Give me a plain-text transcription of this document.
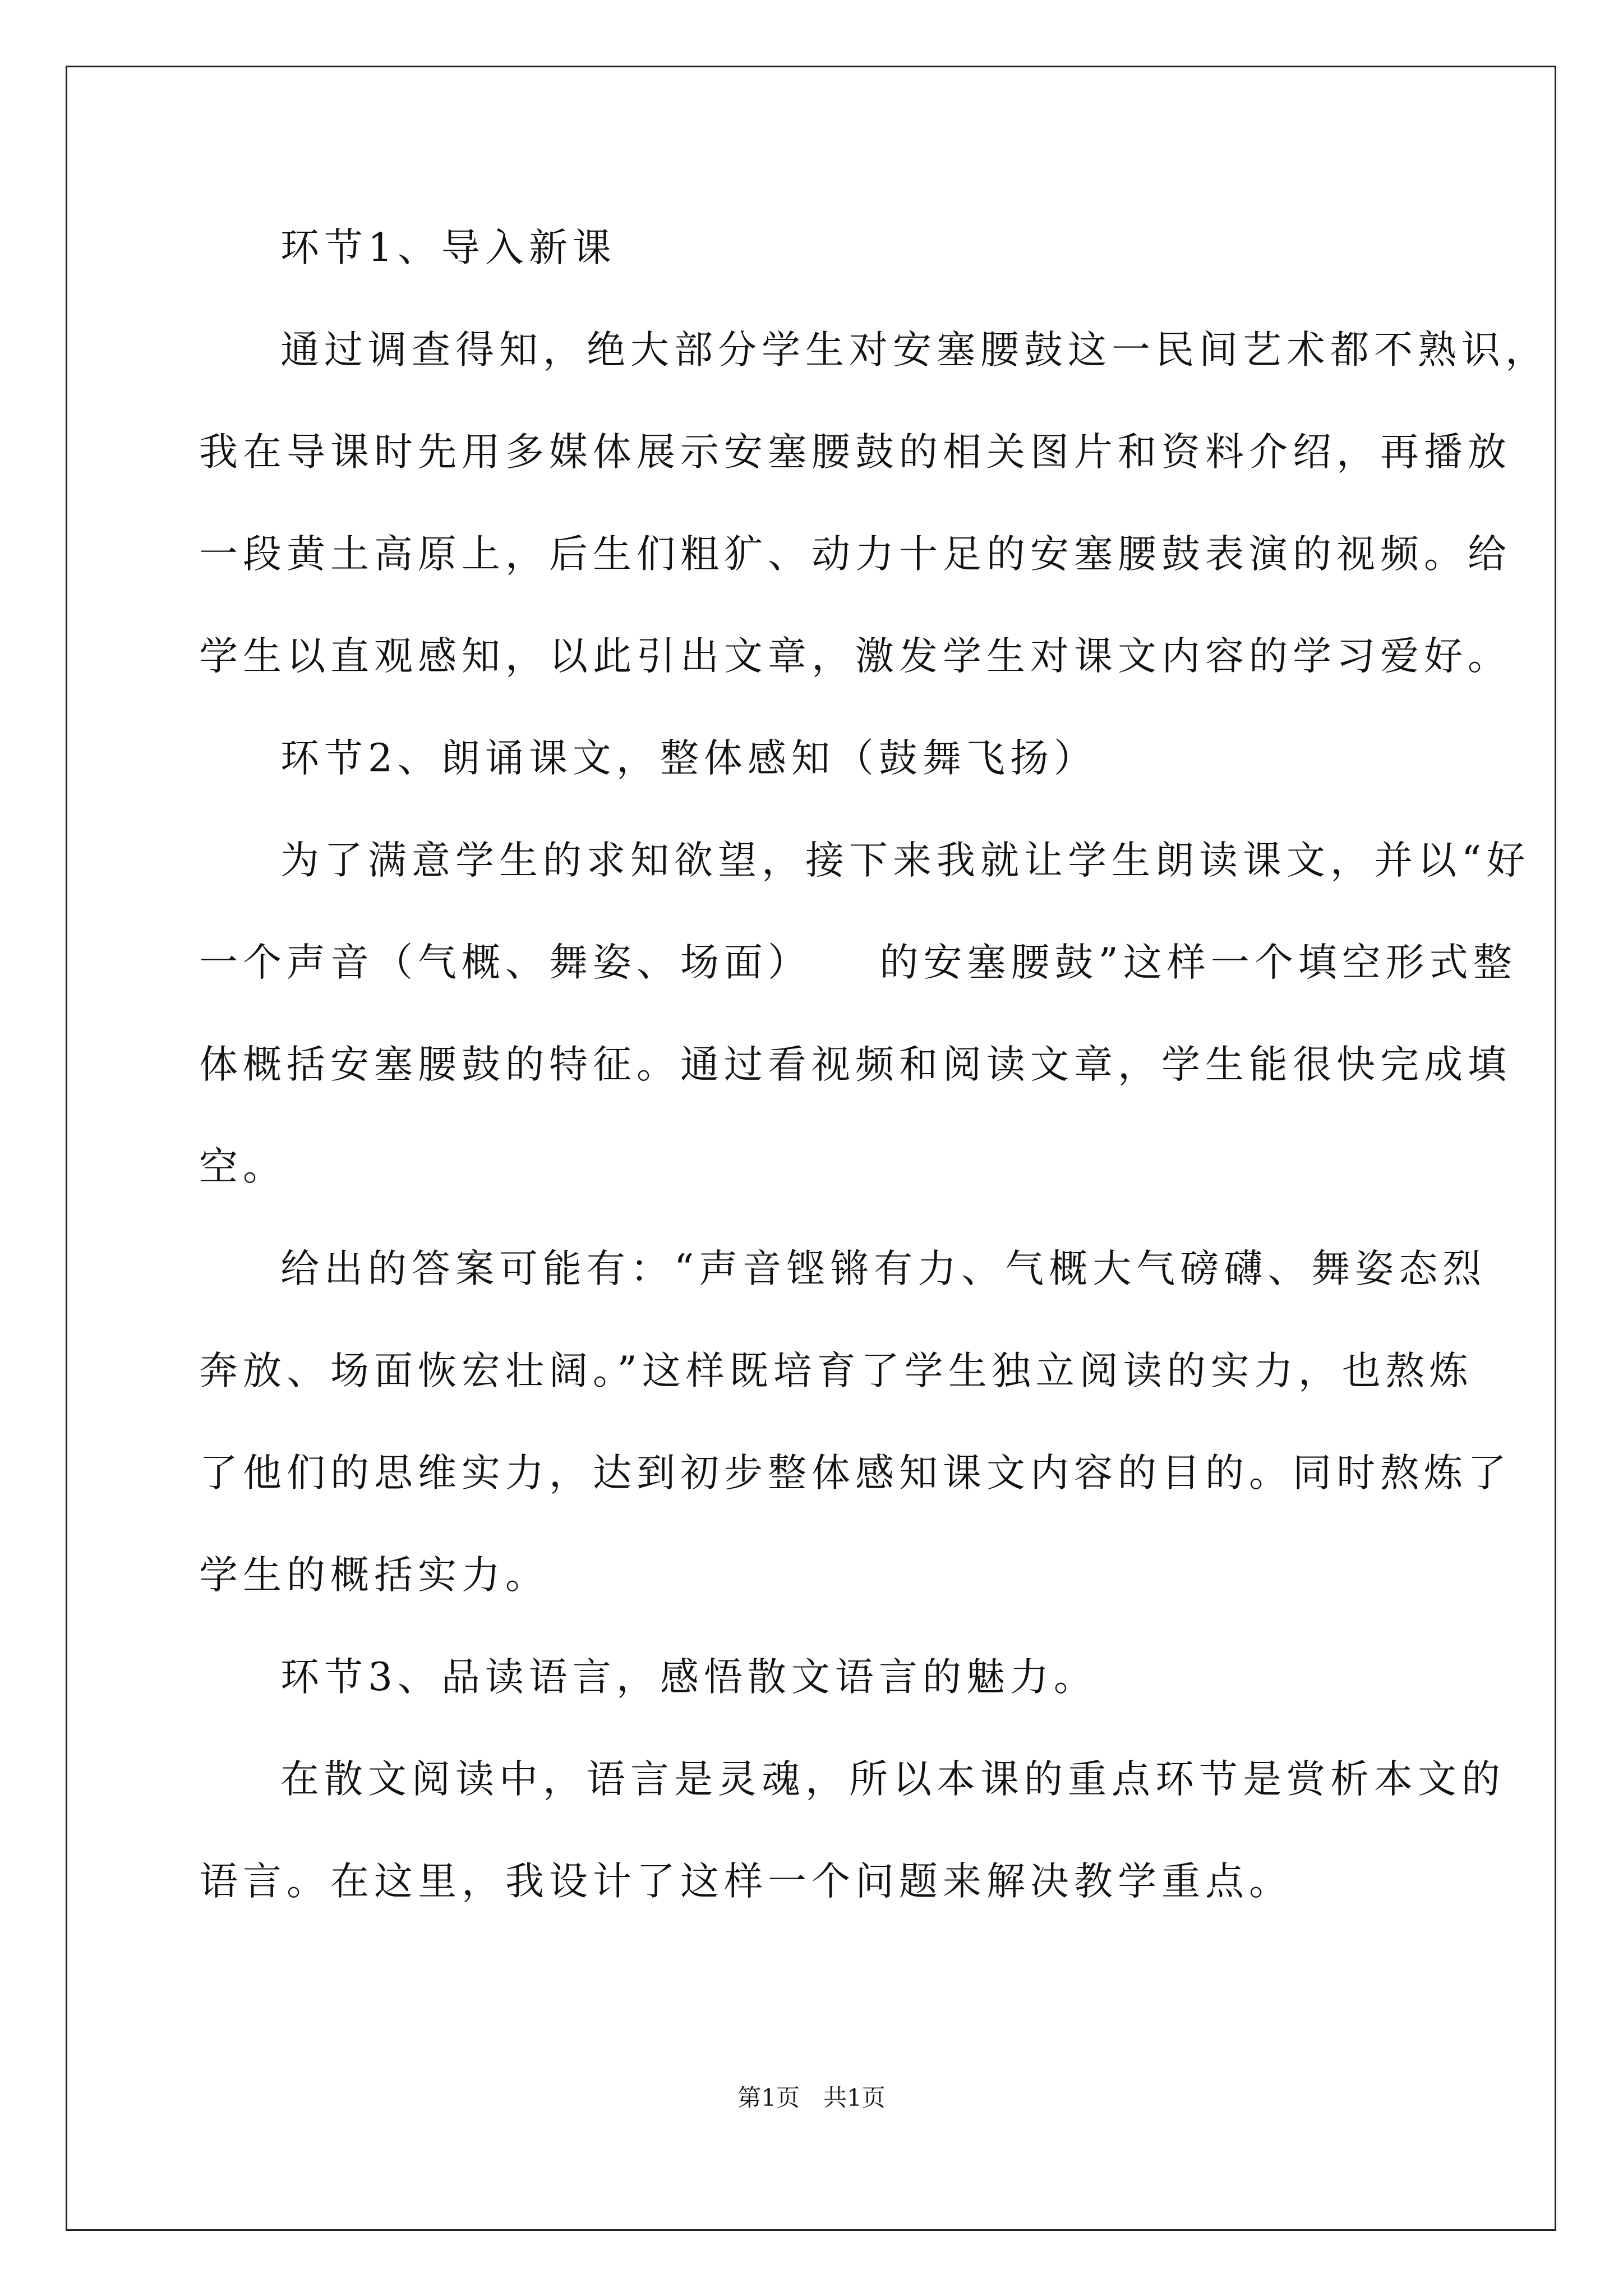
环节1、导入新课
通过调查得知，绝大部分学生对安塞腰鼓这一民间艺术都不熟识，
我在导课时先用多媒体展示安塞腰鼓的相关图片和资料介绍，再播放
一段黄土高原上，后生们粗犷、动力十足的安塞腰鼓表演的视频。给
学生以直观感知，以此引出文章，激发学生对课文内容的学习爱好。
环节2、朗诵课文，整体感知（鼓舞飞扬）
为了满意学生的求知欲望，接下来我就让学生朗读课文，并以“好
一个声音（气概、舞姿、场面）　　的安塞腰鼓”这样一个填空形式整
体概括安塞腰鼓的特征。通过看视频和阅读文章，学生能很快完成填
空。
给出的答案可能有：“声音铿锵有力、气概大气磅礴、舞姿态烈
奔放、场面恢宏壮阔。”这样既培育了学生独立阅读的实力，也熬炼
了他们的思维实力，达到初步整体感知课文内容的目的。同时熬炼了
学生的概括实力。
环节3、品读语言，感悟散文语言的魅力。
在散文阅读中，语言是灵魂，所以本课的重点环节是赏析本文的
语言。在这里，我设计了这样一个问题来解决教学重点。
第1页　共1页
